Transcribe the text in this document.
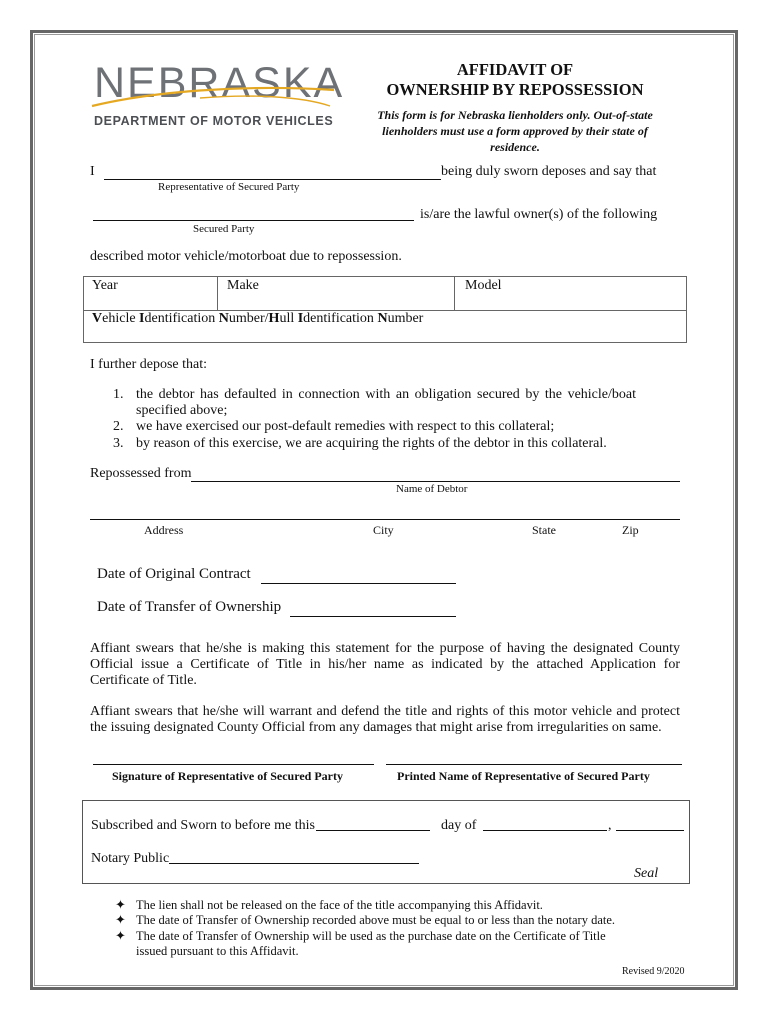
NEBRASKA
DEPARTMENT OF MOTOR VEHICLES
AFFIDAVIT OF
OWNERSHIP BY REPOSSESSION
This form is for Nebraska lienholders only. Out-of-state lienholders must use a form approved by their state of residence.
I	being duly sworn deposes and say that
Representative of Secured Party
is/are the lawful owner(s) of the following
Secured Party
described motor vehicle/motorboat due to repossession.
Year	Make	Model
Vehicle Identification Number/Hull Identification Number
I further depose that:
1. the debtor has defaulted in connection with an obligation secured by the vehicle/boat
specified above;
2. we have exercised our post-default remedies with respect to this collateral;
3. by reason of this exercise, we are acquiring the rights of the debtor in this collateral.
Repossessed from
Name of Debtor
Address	City	State	Zip
Date of Original Contract
Date of Transfer of Ownership
Affiant swears that he/she is making this statement for the purpose of having the designated County Official issue a Certificate of Title in his/her name as indicated by the attached Application for Certificate of Title.
Affiant swears that he/she will warrant and defend the title and rights of this motor vehicle and protect the issuing designated County Official from any damages that might arise from irregularities on same.
Signature of Representative of Secured Party	Printed Name of Representative of Secured Party
Subscribed and Sworn to before me this	day of	,
Notary Public
Seal
✦ The lien shall not be released on the face of the title accompanying this Affidavit.
✦ The date of Transfer of Ownership recorded above must be equal to or less than the notary date.
✦ The date of Transfer of Ownership will be used as the purchase date on the Certificate of Title issued pursuant to this Affidavit.
Revised 9/2020
